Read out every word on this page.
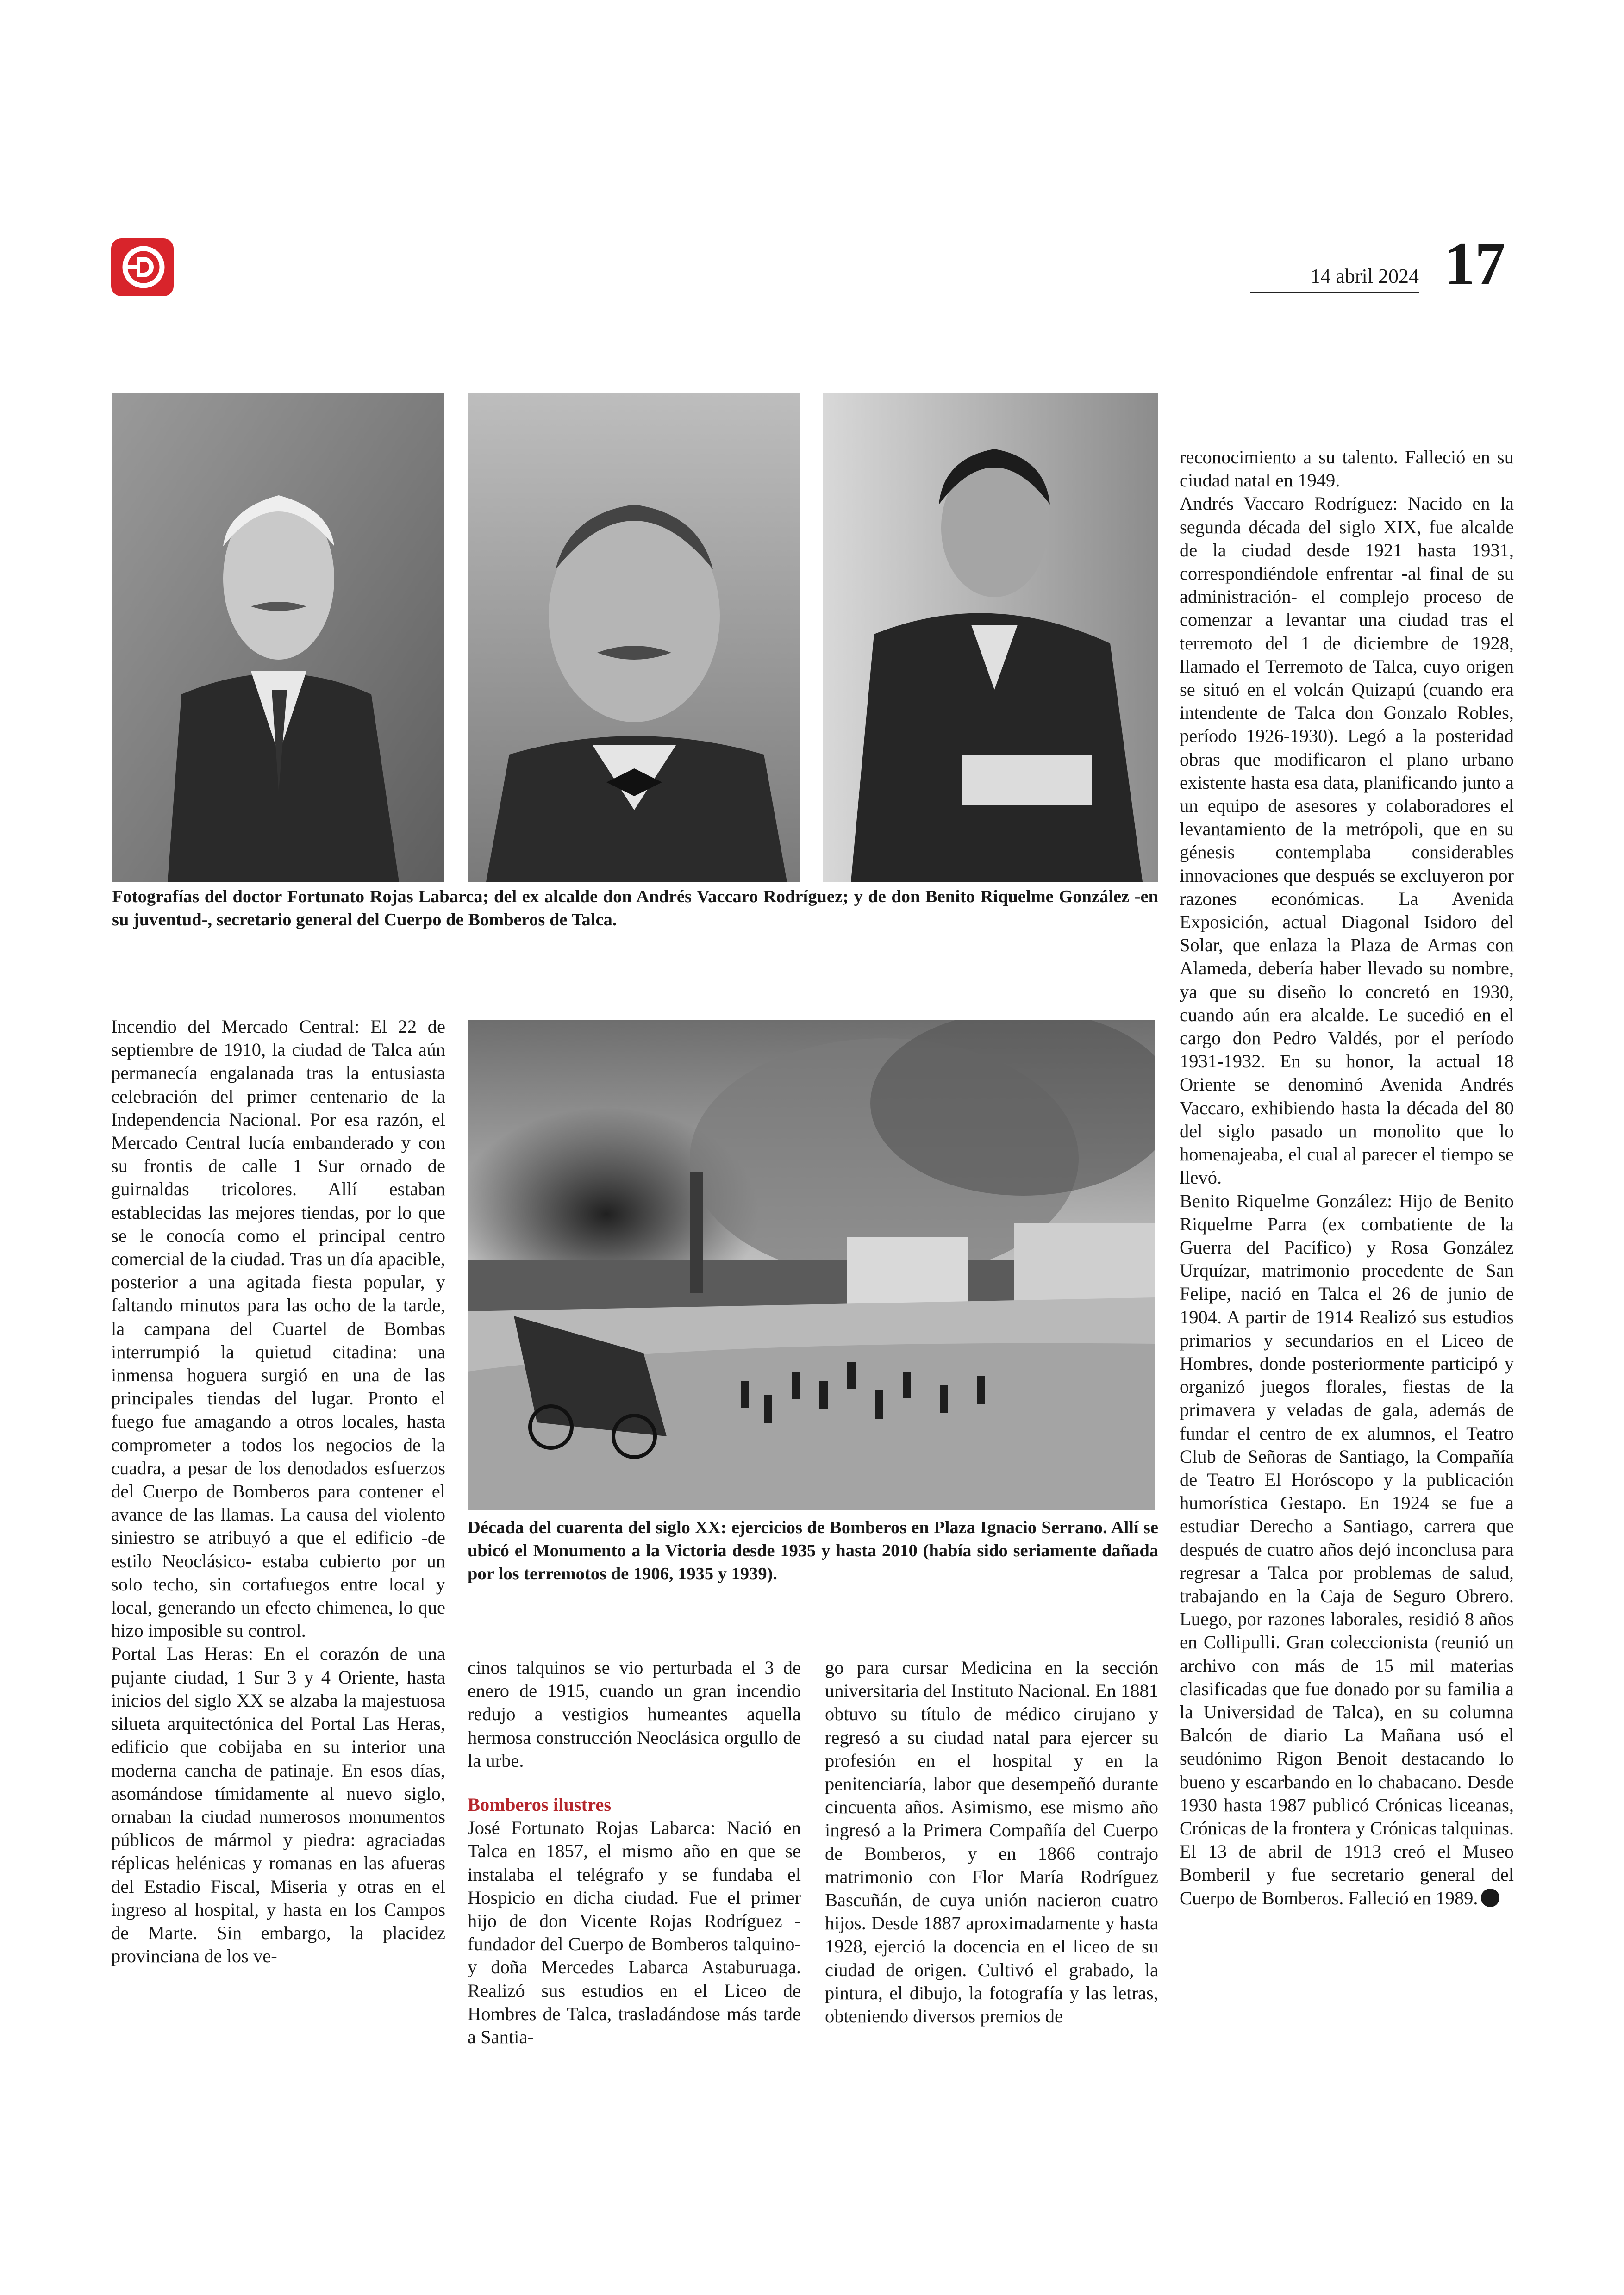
14 abril 2024 17
Fotografías del doctor Fortunato Rojas Labarca; del ex alcalde don Andrés Vaccaro Rodríguez; y de don Benito Riquelme González -en su juventud-, secretario general del Cuerpo de Bomberos de Talca.
Década del cuarenta del siglo XX: ejercicios de Bomberos en Plaza Ignacio Serrano. Allí se ubicó el Monumento a la Victoria desde 1935 y hasta 2010 (había sido seriamente dañada por los terremotos de 1906, 1935 y 1939).

Incendio del Mercado Central: El 22 de septiembre de 1910, la ciudad de Talca aún permanecía engalanada tras la entusiasta celebración del primer centenario de la Independencia Nacional. Por esa razón, el Mercado Central lucía embanderado y con su frontis de calle 1 Sur ornado de guirnaldas tricolores. Allí estaban establecidas las mejores tiendas, por lo que se le conocía como el principal centro comercial de la ciudad. Tras un día apacible, posterior a una agitada fiesta popular, y faltando minutos para las ocho de la tarde, la campana del Cuartel de Bombas interrumpió la quietud citadina: una inmensa hoguera surgió en una de las principales tiendas del lugar. Pronto el fuego fue amagando a otros locales, hasta comprometer a todos los negocios de la cuadra, a pesar de los denodados esfuerzos del Cuerpo de Bomberos para contener el avance de las llamas. La causa del violento siniestro se atribuyó a que el edificio -de estilo Neoclásico- estaba cubierto por un solo techo, sin cortafuegos entre local y local, generando un efecto chimenea, lo que hizo imposible su control.

Portal Las Heras: En el corazón de una pujante ciudad, 1 Sur 3 y 4 Oriente, hasta inicios del siglo XX se alzaba la majestuosa silueta arquitectónica del Portal Las Heras, edificio que cobijaba en su interior una moderna cancha de patinaje. En esos días, asomándose tímidamente al nuevo siglo, ornaban la ciudad numerosos monumentos públicos de mármol y piedra: agraciadas réplicas helénicas y romanas en las afueras del Estadio Fiscal, Miseria y otras en el ingreso al hospital, y hasta en los Campos de Marte. Sin embargo, la placidez provinciana de los ve-

cinos talquinos se vio perturbada el 3 de enero de 1915, cuando un gran incendio redujo a vestigios humeantes aquella hermosa construcción Neoclásica orgullo de la urbe.

Bomberos ilustres

José Fortunato Rojas Labarca: Nació en Talca en 1857, el mismo año en que se instalaba el telégrafo y se fundaba el Hospicio en dicha ciudad. Fue el primer hijo de don Vicente Rojas Rodríguez -fundador del Cuerpo de Bomberos talquino- y doña Mercedes Labarca Astaburuaga. Realizó sus estudios en el Liceo de Hombres de Talca, trasladándose más tarde a Santia-

go para cursar Medicina en la sección universitaria del Instituto Nacional. En 1881 obtuvo su título de médico cirujano y regresó a su ciudad natal para ejercer su profesión en el hospital y en la penitenciaría, labor que desempeñó durante cincuenta años. Asimismo, ese mismo año ingresó a la Primera Compañía del Cuerpo de Bomberos, y en 1866 contrajo matrimonio con Flor María Rodríguez Bascuñán, de cuya unión nacieron cuatro hijos. Desde 1887 aproximadamente y hasta 1928, ejerció la docencia en el liceo de su ciudad de origen. Cultivó el grabado, la pintura, el dibujo, la fotografía y las letras, obteniendo diversos premios de

reconocimiento a su talento. Falleció en su ciudad natal en 1949.

Andrés Vaccaro Rodríguez: Nacido en la segunda década del siglo XIX, fue alcalde de la ciudad desde 1921 hasta 1931, correspondiéndole enfrentar -al final de su administración- el complejo proceso de comenzar a levantar una ciudad tras el terremoto del 1 de diciembre de 1928, llamado el Terremoto de Talca, cuyo origen se situó en el volcán Quizapú (cuando era intendente de Talca don Gonzalo Robles, período 1926-1930). Legó a la posteridad obras que modificaron el plano urbano existente hasta esa data, planificando junto a un equipo de asesores y colaboradores el levantamiento de la metrópoli, que en su génesis contemplaba considerables innovaciones que después se excluyeron por razones económicas. La Avenida Exposición, actual Diagonal Isidoro del Solar, que enlaza la Plaza de Armas con Alameda, debería haber llevado su nombre, ya que su diseño lo concretó en 1930, cuando aún era alcalde. Le sucedió en el cargo don Pedro Valdés, por el período 1931-1932. En su honor, la actual 18 Oriente se denominó Avenida Andrés Vaccaro, exhibiendo hasta la década del 80 del siglo pasado un monolito que lo homenajeaba, el cual al parecer el tiempo se llevó.

Benito Riquelme González: Hijo de Benito Riquelme Parra (ex combatiente de la Guerra del Pacífico) y Rosa González Urquízar, matrimonio procedente de San Felipe, nació en Talca el 26 de junio de 1904. A partir de 1914 Realizó sus estudios primarios y secundarios en el Liceo de Hombres, donde posteriormente participó y organizó juegos florales, fiestas de la primavera y veladas de gala, además de fundar el centro de ex alumnos, el Teatro Club de Señoras de Santiago, la Compañía de Teatro El Horóscopo y la publicación humorística Gestapo. En 1924 se fue a estudiar Derecho a Santiago, carrera que después de cuatro años dejó inconclusa para regresar a Talca por problemas de salud, trabajando en la Caja de Seguro Obrero. Luego, por razones laborales, residió 8 años en Collipulli. Gran coleccionista (reunió un archivo con más de 15 mil materias clasificadas que fue donado por su familia a la Universidad de Talca), en su columna Balcón de diario La Mañana usó el seudónimo Rigon Benoit destacando lo bueno y escarbando en lo chabacano. Desde 1930 hasta 1987 publicó Crónicas liceanas, Crónicas de la frontera y Crónicas talquinas. El 13 de abril de 1913 creó el Museo Bomberil y fue secretario general del Cuerpo de Bomberos. Falleció en 1989.
